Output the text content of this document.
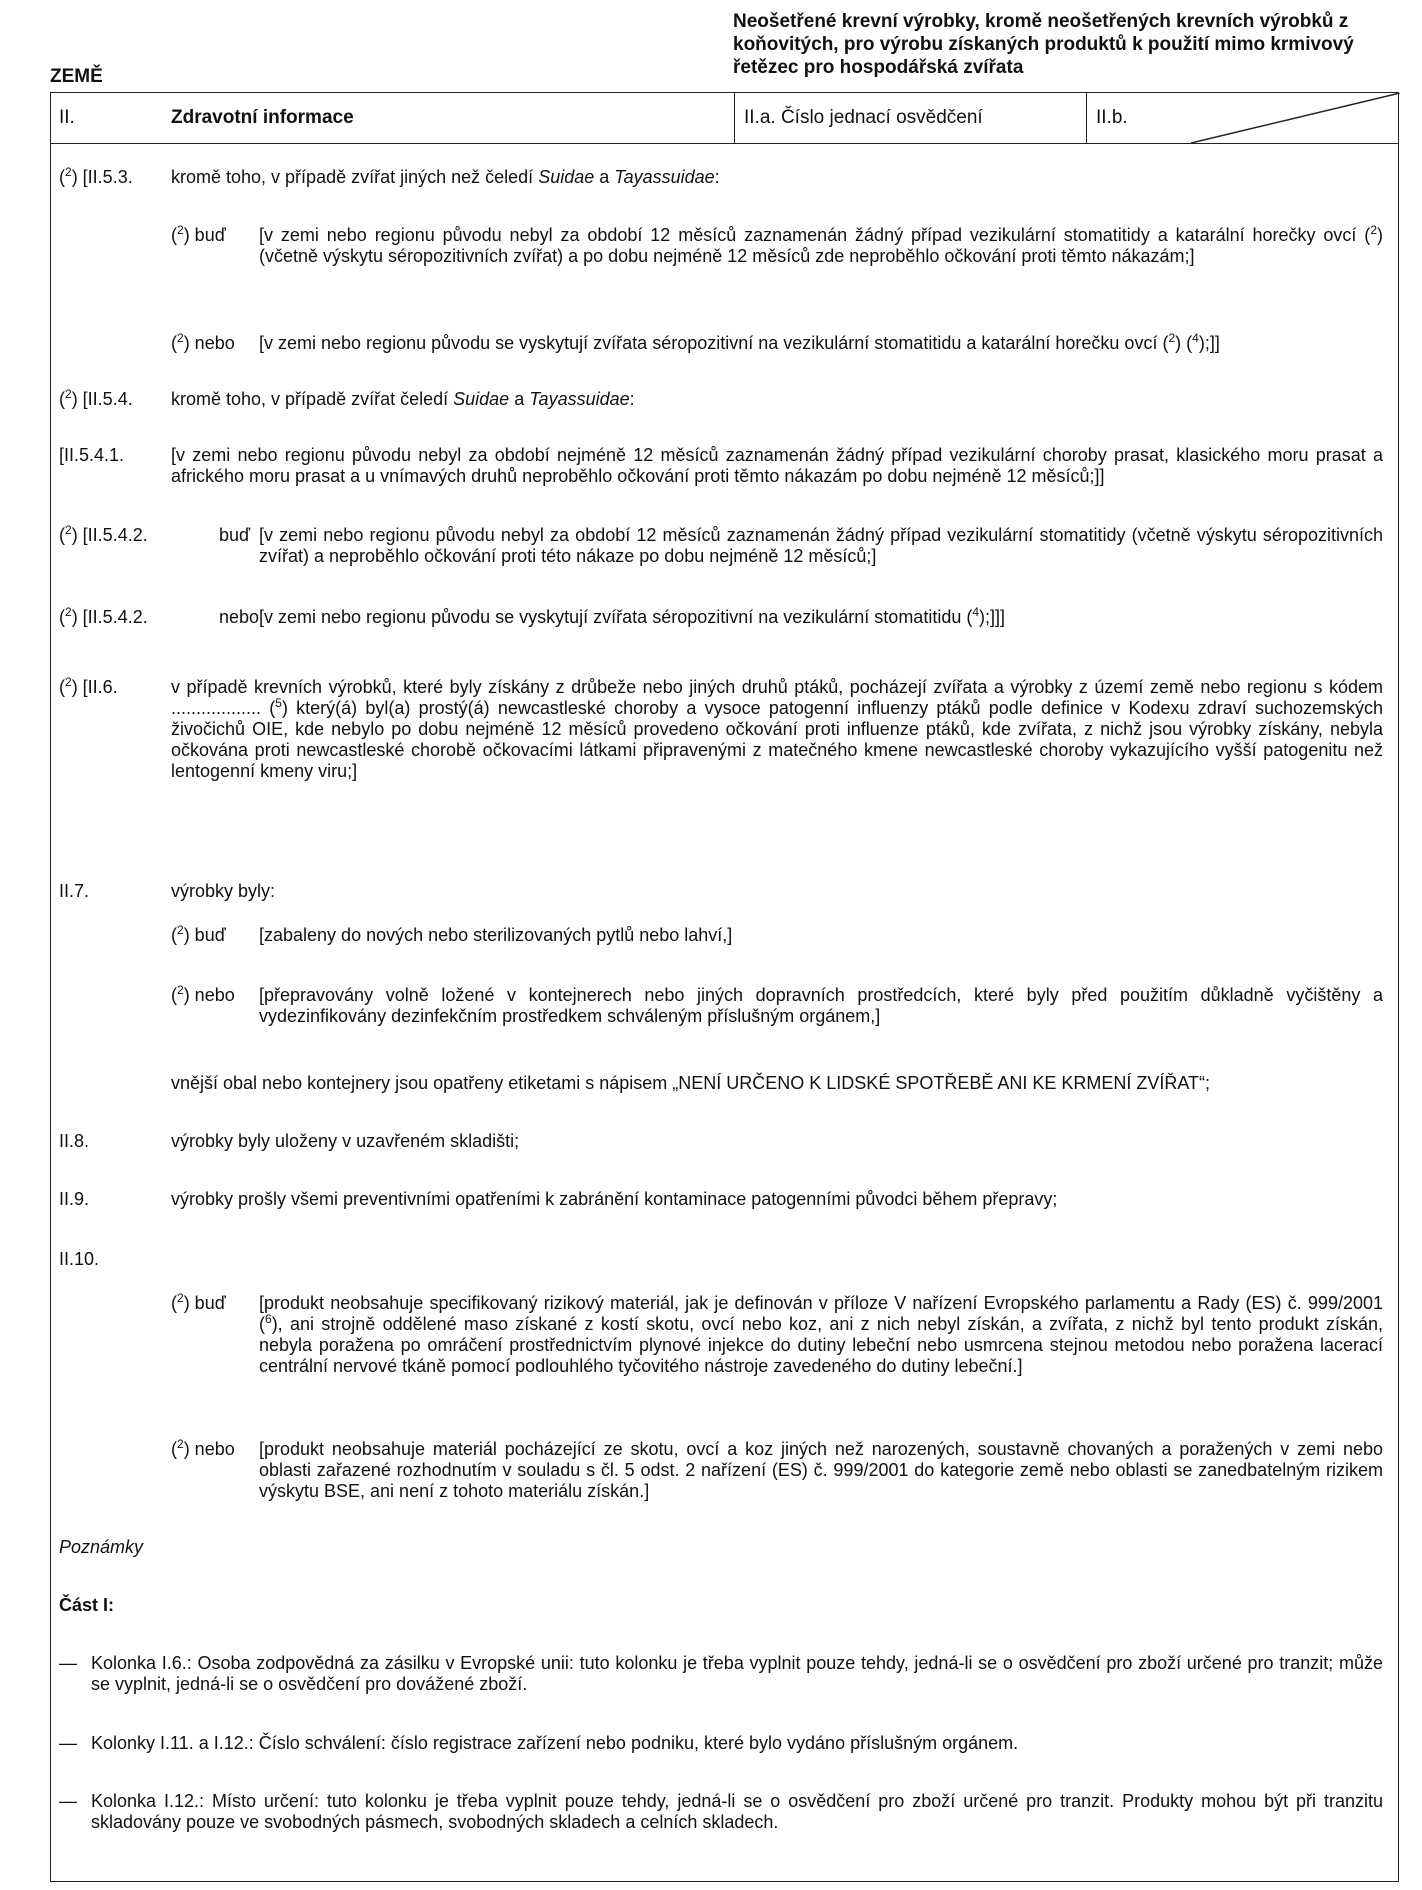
ZEMĚ
Neošetřené krevní výrobky, kromě neošetřených krevních výrobků z koňovitých, pro výrobu získaných produktů k použití mimo krmivový řetězec pro hospodářská zvířata
II.	Zdravotní informace	II.a. Číslo jednací osvědčení	II.b.
($^2$) [II.5.3. kromě toho, v případě zvířat jiných než čeledí Suidae a Tayassuidae:
($^2$) buď [v zemi nebo regionu původu nebyl za období 12 měsíců zaznamenán žádný případ vezikulární stomatitidy a katarální horečky ovcí ($^2$) (včetně výskytu séropozitivních zvířat) a po dobu nejméně 12 měsíců zde neproběhlo očkování proti těmto nákazám;]
($^2$) nebo [v zemi nebo regionu původu se vyskytují zvířata séropozitivní na vezikulární stomatitidu a katarální horečku ovcí ($^2$) ($^4$);]]
($^2$) [II.5.4. kromě toho, v případě zvířat čeledí Suidae a Tayassuidae:
[II.5.4.1.	[v zemi nebo regionu původu nebyl za období nejméně 12 měsíců zaznamenán žádný případ vezikulární choroby prasat, klasického moru prasat a afrického moru prasat a u vnímavých druhů neproběhlo očkování proti těmto nákazám po dobu nejméně 12 měsíců;]]
($^2$) [II.5.4.2.	buď [v zemi nebo regionu původu nebyl za období 12 měsíců zaznamenán žádný případ vezikulární stomatitidy (včetně výskytu séropozitivních zvířat) a neproběhlo očkování proti této nákaze po dobu nejméně 12 měsíců;]
($^2$) [II.5.4.2.	nebo [v zemi nebo regionu původu se vyskytují zvířata séropozitivní na vezikulární stomatitidu ($^4$);]]]
($^2$) [II.6.	v případě krevních výrobků, které byly získány z drůbeže nebo jiných druhů ptáků, pocházejí zvířata a výrobky z území země nebo regionu s kódem .................. ($^5$) který(á) byl(a) prostý(á) newcastleské choroby a vysoce patogenní influenzy ptáků podle definice v Kodexu zdraví suchozemských živočichů OIE, kde nebylo po dobu nejméně 12 měsíců provedeno očkování proti influenze ptáků, kde zvířata, z nichž jsou výrobky získány, nebyla očkována proti newcastleské chorobě očkovacími látkami připravenými z matečného kmene newcastleské choroby vykazujícího vyšší patogenitu než lentogenní kmeny viru;]
II.7.	výrobky byly:
($^2$) buď [zabaleny do nových nebo sterilizovaných pytlů nebo lahví,]
($^2$) nebo [přepravovány volně ložené v kontejnerech nebo jiných dopravních prostředcích, které byly před použitím důkladně vyčištěny a vydezinfikovány dezinfekčním prostředkem schváleným příslušným orgánem,]
vnější obal nebo kontejnery jsou opatřeny etiketami s nápisem „NENÍ URČENO K LIDSKÉ SPOTŘEBĚ ANI KE KRMENÍ ZVÍŘAT“;
II.8.	výrobky byly uloženy v uzavřeném skladišti;
II.9.	výrobky prošly všemi preventivními opatřeními k zabránění kontaminace patogenními původci během přepravy;
II.10.
($^2$) buď [produkt neobsahuje specifikovaný rizikový materiál, jak je definován v příloze V nařízení Evropského parlamentu a Rady (ES) č. 999/2001 ($^6$), ani strojně oddělené maso získané z kostí skotu, ovcí nebo koz, ani z nich nebyl získán, a zvířata, z nichž byl tento produkt získán, nebyla poražena po omráčení prostřednictvím plynové injekce do dutiny lebeční nebo usmrcena stejnou metodou nebo poražena lacerací centrální nervové tkáně pomocí podlouhlého tyčovitého nástroje zavedeného do dutiny lebeční.]
($^2$) nebo [produkt neobsahuje materiál pocházející ze skotu, ovcí a koz jiných než narozených, soustavně chovaných a poražených v zemi nebo oblasti zařazené rozhodnutím v souladu s čl. 5 odst. 2 nařízení (ES) č. 999/2001 do kategorie země nebo oblasti se zanedbatelným rizikem výskytu BSE, ani není z tohoto materiálu získán.]
Poznámky
Část I:
— Kolonka I.6.: Osoba zodpovědná za zásilku v Evropské unii: tuto kolonku je třeba vyplnit pouze tehdy, jedná-li se o osvědčení pro zboží určené pro tranzit; může se vyplnit, jedná-li se o osvědčení pro dovážené zboží.
— Kolonky I.11. a I.12.: Číslo schválení: číslo registrace zařízení nebo podniku, které bylo vydáno příslušným orgánem.
— Kolonka I.12.: Místo určení: tuto kolonku je třeba vyplnit pouze tehdy, jedná-li se o osvědčení pro zboží určené pro tranzit. Produkty mohou být při tranzitu skladovány pouze ve svobodných pásmech, svobodných skladech a celních skladech.
